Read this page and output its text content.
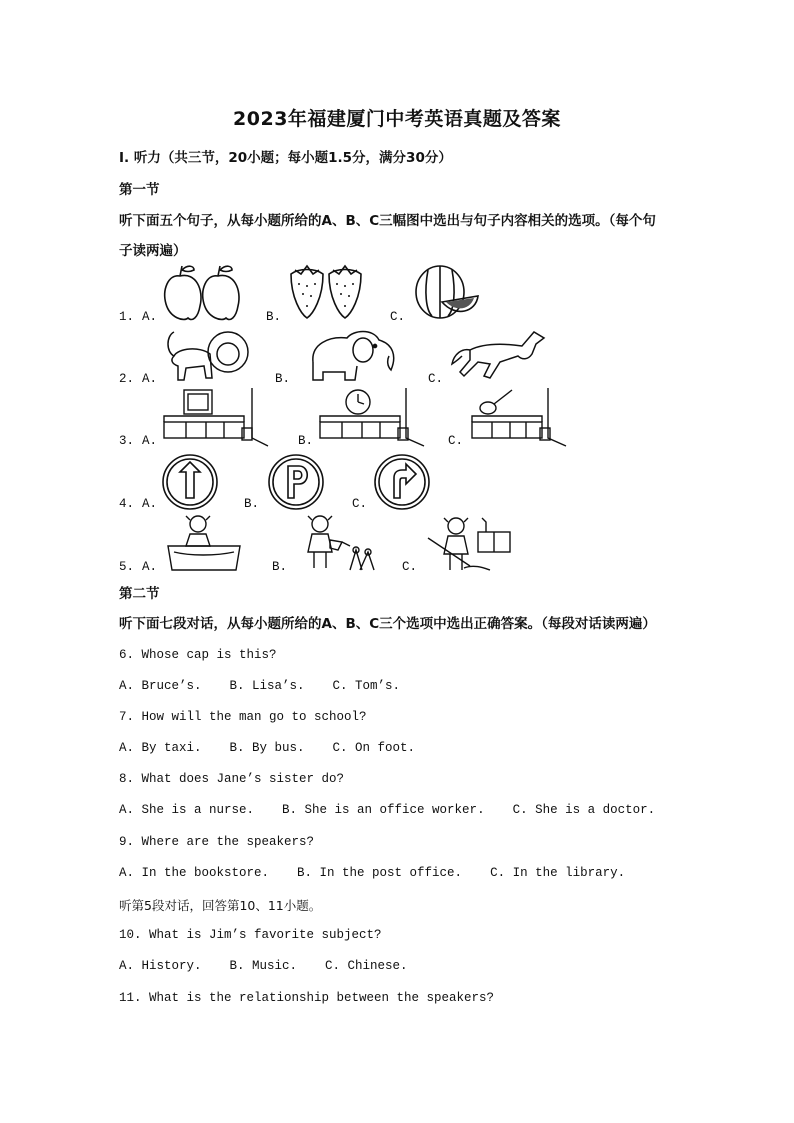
2023年福建厦门中考英语真题及答案
Ⅰ. 听力（共三节，20小题；每小题1.5分，满分30分）
第一节
听下面五个句子，从每小题所给的A、B、C三幅图中选出与句子内容相关的选项。（每个句
子读两遍）
1. A.	B.	C.
2. A.	B.	C.
3. A.	B.	C.
4. A.	B.	C.
5. A.	B.	C.
第二节
听下面七段对话，从每小题所给的A、B、C三个选项中选出正确答案。（每段对话读两遍）
6. Whose cap is this?
A. Bruce’s. B. Lisa’s. C. Tom’s.
7. How will the man go to school?
A. By taxi. B. By bus. C. On foot.
8. What does Jane’s sister do?
A. She is a nurse. B. She is an office worker. C. She is a doctor.
9. Where are the speakers?
A. In the bookstore. B. In the post office. C. In the library.
听第5段对话，回答第10、11小题。
10. What is Jim’s favorite subject?
A. History. B. Music. C. Chinese.
11. What is the relationship between the speakers?
